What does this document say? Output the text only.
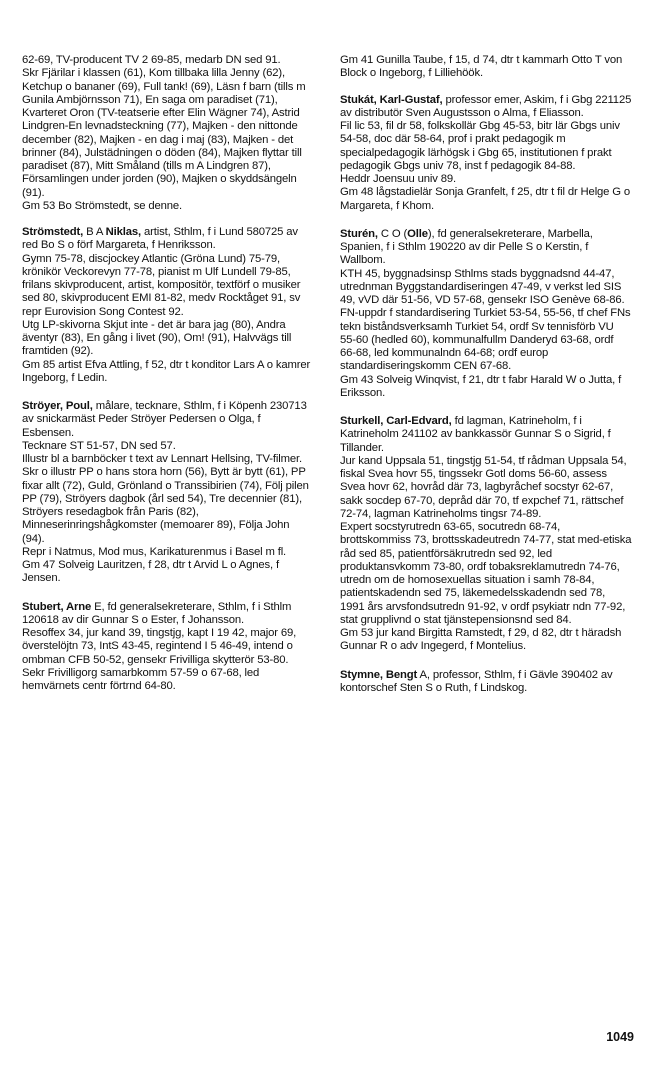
62-69, TV-producent TV 2 69-85, medarb DN sed 91.

Skr Fjärilar i klassen (61), Kom tillbaka lilla Jenny (62), Ketchup o bananer (69), Full tank! (69), Läsn f barn (tills m Gunila Ambjörnsson 71), En saga om paradiset (71), Kvarteret Oron (TV-teatserie efter Elin Wägner 74), Astrid Lindgren-En levnadsteckning (77), Majken - den nittonde december (82), Majken - en dag i maj (83), Majken - det brinner (84), Julstädningen o döden (84), Majken flyttar till paradiset (87), Mitt Småland (tills m A Lindgren 87), Församlingen under jorden (90), Majken o skyddsängeln (91).

Gm 53 Bo Strömstedt, se denne.

Strömstedt, B A Niklas, artist, Sthlm, f i Lund 580725 av red Bo S o förf Margareta, f Henriksson.

Gymn 75-78, discjockey Atlantic (Gröna Lund) 75-79, krönikör Veckorevyn 77-78, pianist m Ulf Lundell 79-85, frilans skivproducent, artist, kompositör, textförf o musiker sed 80, skivproducent EMI 81-82, medv Rocktåget 91, sv repr Eurovision Song Contest 92.

Utg LP-skivorna Skjut inte - det är bara jag (80), Andra äventyr (83), En gång i livet (90), Om! (91), Halvvägs till framtiden (92).

Gm 85 artist Efva Attling, f 52, dtr t konditor Lars A o kamrer Ingeborg, f Ledin.

Ströyer, Poul, målare, tecknare, Sthlm, f i Köpenh 230713 av snickarmäst Peder Ströyer Pedersen o Olga, f Esbensen.

Tecknare ST 51-57, DN sed 57.

Illustr bl a barnböcker t text av Lennart Hellsing, TV-filmer.

Skr o illustr PP o hans stora horn (56), Bytt är bytt (61), PP fixar allt (72), Guld, Grönland o Transsibirien (74), Följ pilen PP (79), Ströyers dagbok (årl sed 54), Tre decennier (81), Ströyers resedagbok från Paris (82), Minneserinringshågkomster (memoarer 89), Följa John (94).

Repr i Natmus, Mod mus, Karikaturenmus i Basel m fl.

Gm 47 Solveig Lauritzen, f 28, dtr t Arvid L o Agnes, f Jensen.

Stubert, Arne E, fd generalsekreterare, Sthlm, f i Sthlm 120618 av dir Gunnar S o Ester, f Johansson.

Resoffex 34, jur kand 39, tingstjg, kapt I 19 42, major 69, överstelöjtn 73, IntS 43-45, regintend I 5 46-49, intend o ombman CFB 50-52, gensekr Frivilliga skytterör 53-80. Sekr Frivilligorg samarbkomm 57-59 o 67-68, led hemvärnets centr förtrnd 64-80.

Gm 41 Gunilla Taube, f 15, d 74, dtr t kammarh Otto T von Block o Ingeborg, f Lilliehöök.

Stukát, Karl-Gustaf, professor emer, Askim, f i Gbg 221125 av distributör Sven Augustsson o Alma, f Eliasson.

Fil lic 53, fil dr 58, folkskollär Gbg 45-53, bitr lär Gbgs univ 54-58, doc där 58-64, prof i prakt pedagogik m specialpedagogik lärhögsk i Gbg 65, institutionen f prakt pedagogik Gbgs univ 78, inst f pedagogik 84-88.

Heddr Joensuu univ 89.

Gm 48 lågstadielär Sonja Granfelt, f 25, dtr t fil dr Helge G o Margareta, f Khom.

Sturén, C O (Olle), fd generalsekreterare, Marbella, Spanien, f i Sthlm 190220 av dir Pelle S o Kerstin, f Wallbom.

KTH 45, byggnadsinsp Sthlms stads byggnadsnd 44-47, utrednman Byggstandardiseringen 47-49, v verkst led SIS 49, vVD där 51-56, VD 57-68, gensekr ISO Genève 68-86.

FN-uppdr f standardisering Turkiet 53-54, 55-56, tf chef FNs tekn biståndsverksamh Turkiet 54, ordf Sv tennisförb VU 55-60 (hedled 60), kommunalfullm Danderyd 63-68, ordf 66-68, led kommunalndn 64-68; ordf europ standardiseringskomm CEN 67-68.

Gm 43 Solveig Winqvist, f 21, dtr t fabr Harald W o Jutta, f Eriksson.

Sturkell, Carl-Edvard, fd lagman, Katrineholm, f i Katrineholm 241102 av bankkassör Gunnar S o Sigrid, f Tillander.

Jur kand Uppsala 51, tingstjg 51-54, tf rådman Uppsala 54, fiskal Svea hovr 55, tingssekr Gotl doms 56-60, assess Svea hovr 62, hovråd där 73, lagbyråchef socstyr 62-67, sakk socdep 67-70, depråd där 70, tf expchef 71, rättschef 72-74, lagman Katrineholms tingsr 74-89.

Expert socstyrutredn 63-65, socutredn 68-74, brottskommiss 73, brottsskadeutredn 74-77, stat med-etiska råd sed 85, patientförsäkrutredn sed 92, led produktansvkomm 73-80, ordf tobaksreklamutredn 74-76, utredn om de homosexuellas situation i samh 78-84, patientskadendn sed 75, läkemedelsskadendn sed 78, 1991 års arvsfondsutredn 91-92, v ordf psykiatr ndn 77-92, stat grupplivnd o stat tjänstepensionsnd sed 84.

Gm 53 jur kand Birgitta Ramstedt, f 29, d 82, dtr t häradsh Gunnar R o adv Ingegerd, f Montelius.

Stymne, Bengt A, professor, Sthlm, f i Gävle 390402 av kontorschef Sten S o Ruth, f Lindskog.

1049
